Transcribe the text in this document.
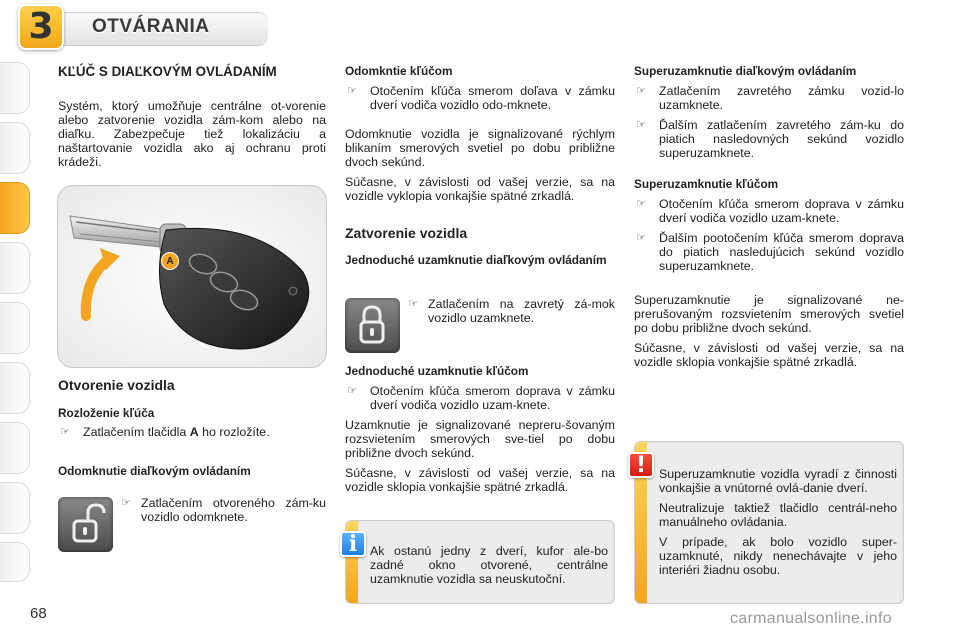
3 OTVÁRANIA
KĽÚČ S DIAĽKOVÝM OVLÁDANÍM
Systém, ktorý umožňuje centrálne ot-vorenie alebo zatvorenie vozidla zám-kom alebo na diaľku. Zabezpečuje tiež lokalizáciu a naštartovanie vozidla ako aj ochranu proti krádeži.
A
Otvorenie vozidla
Rozloženie kľúča
☞ Zatlačením tlačidla A ho rozložíte.
Odomknutie diaľkovým ovládaním
☞ Zatlačením otvoreného zám-ku vozidlo odomknete.
Odomkntie kľúčom
☞ Otočením kľúča smerom doľava v zámku dverí vodiča vozidlo odo-mknete.
Odomknutie vozidla je signalizované rýchlym blikaním smerových svetiel po dobu približne dvoch sekúnd.
Súčasne, v závislosti od vašej verzie, sa na vozidle vyklopia vonkajšie spätné zrkadlá.
Zatvorenie vozidla
Jednoduché uzamknutie diaľkovým ovládaním
☞ Zatlačením na zavretý zá-mok vozidlo uzamknete.
Jednoduché uzamknutie kľúčom
☞ Otočením kľúča smerom doprava v zámku dverí vodiča vozidlo uzam-knete.
Uzamknutie je signalizované nepreru-šovaným rozsvietením smerových sve-tiel po dobu približne dvoch sekúnd.
Súčasne, v závislosti od vašej verzie, sa na vozidle sklopia vonkajšie spätné zrkadlá.
Ak ostanú jedny z dverí, kufor ale-bo zadné okno otvorené, centrálne uzamknutie vozidla sa neuskutoční.
i
Superuzamknutie diaľkovým ovládaním
☞ Zatlačením zavretého zámku vozid-lo uzamknete.
☞ Ďalším zatlačením zavretého zám-ku do piatich nasledovných sekúnd vozidlo superuzamknete.
Superuzamknutie kľúčom
☞ Otočením kľúča smerom doprava v zámku dverí vodiča vozidlo uzam-knete.
☞ Ďalším pootočením kľúča smerom doprava do piatich nasledujúcich sekúnd vozidlo superuzamknete.
Superuzamknutie je signalizované ne-prerušovaným rozsvietením smerových svetiel po dobu približne dvoch sekúnd.
Súčasne, v závislosti od vašej verzie, sa na vozidle sklopia vonkajšie spätné zrkadlá.
Superuzamknutie vozidla vyradí z činnosti vonkajšie a vnútorné ovlá-danie dverí.
Neutralizuje taktiež tlačidlo centrál-neho manuálneho ovládania.
V prípade, ak bolo vozidlo super-uzamknuté, nikdy nenechávajte v jeho interiéri žiadnu osobu.
!
68	carmanualsonline.info
